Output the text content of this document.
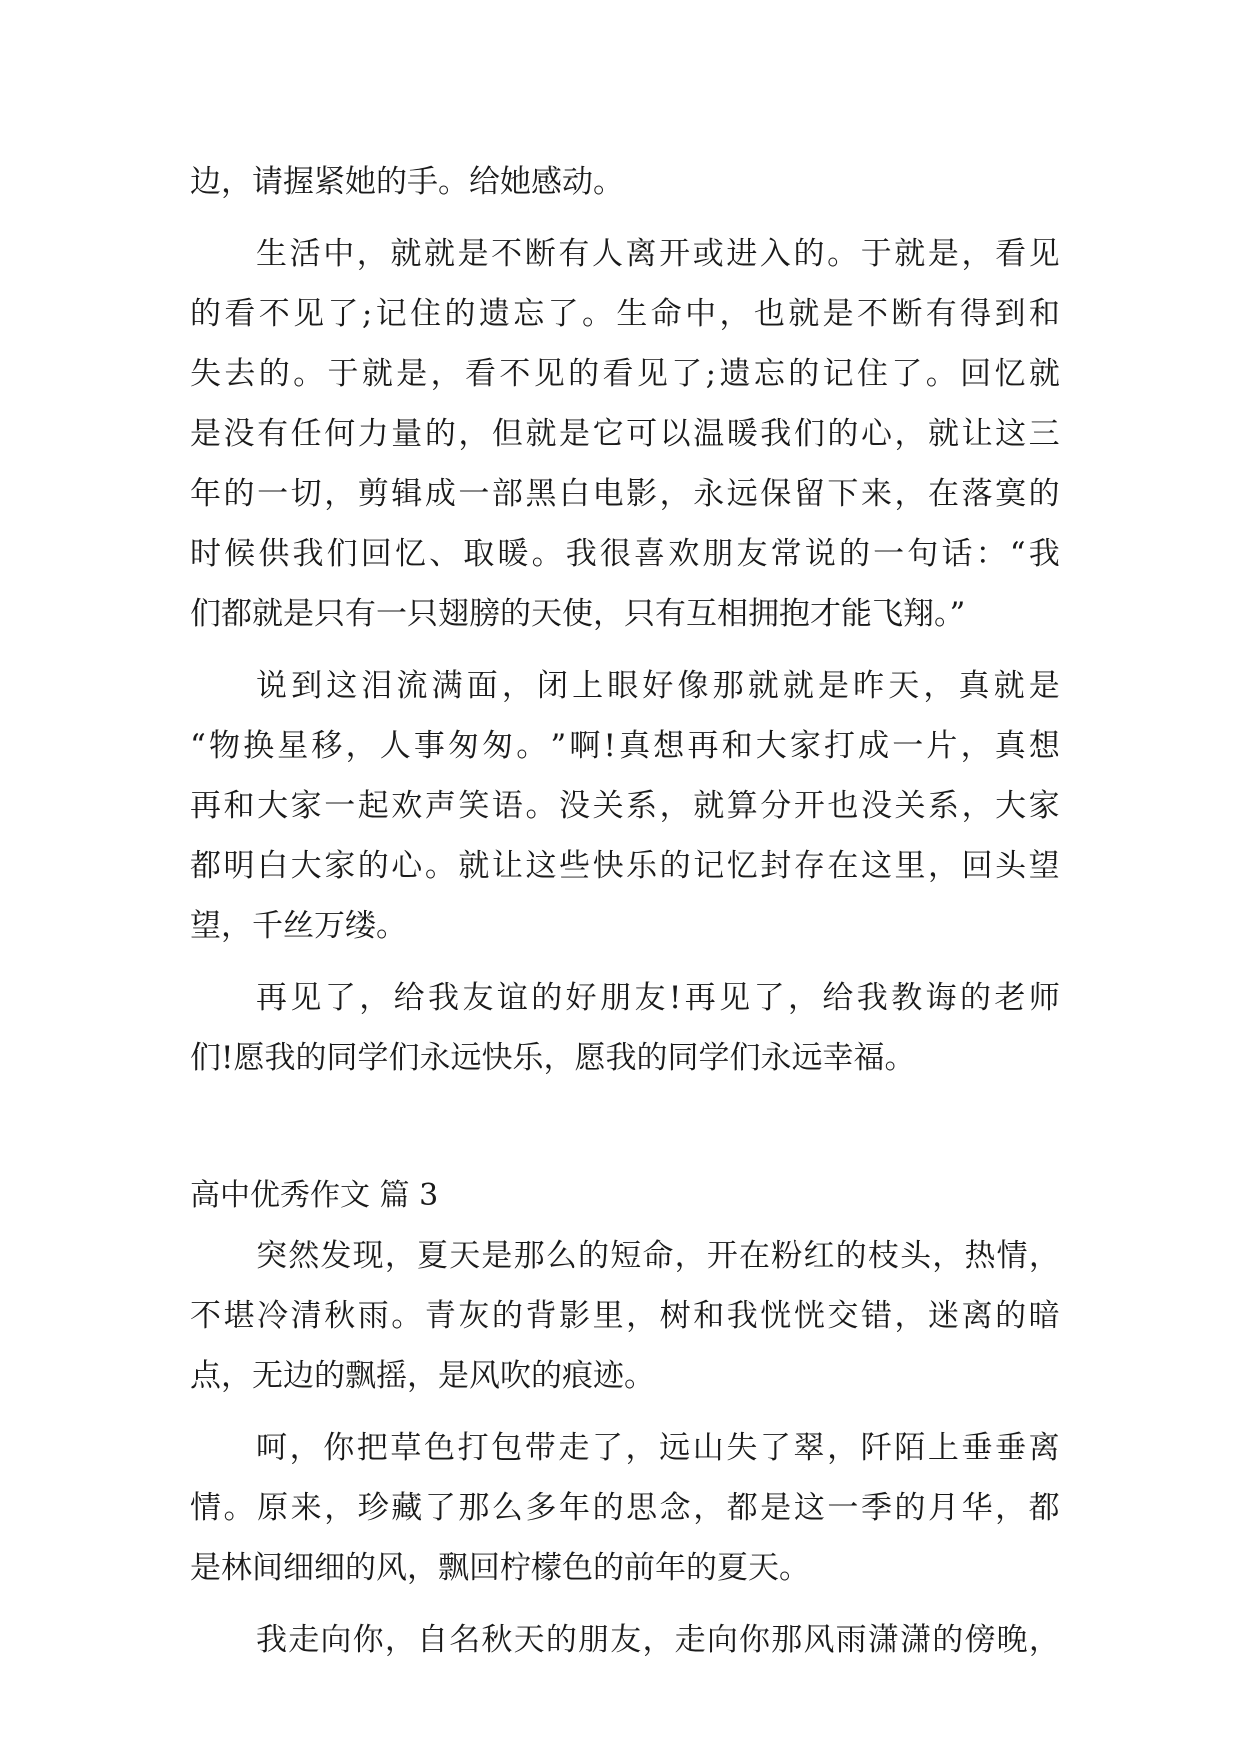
边，请握紧她的手。给她感动。
生 活 中 ， 就 就 是 不 断 有 人 离 开 或 进 入 的 。 于 就 是 ， 看 见
的 看 不 见 了 ; 记 住 的 遗 忘 了 。 生 命 中 ， 也 就 是 不 断 有 得 到 和
失 去 的 。 于 就 是 ， 看 不 见 的 看 见 了 ; 遗 忘 的 记 住 了 。 回 忆 就
是 没 有 任 何 力 量 的 ， 但 就 是 它 可 以 温 暖 我 们 的 心 ， 就 让 这 三
年 的 一 切 ， 剪 辑 成 一 部 黑 白 电 影 ， 永 远 保 留 下 来 ， 在 落 寞 的
时 候 供 我 们 回 忆 、 取 暖 。 我 很 喜 欢 朋 友 常 说 的 一 句 话 ： “ 我
们都就是只有一只翅膀的天使，只有互相拥抱才能飞翔。”
说 到 这 泪 流 满 面 ， 闭 上 眼 好 像 那 就 就 是 昨 天 ， 真 就 是
“ 物 换 星 移 ， 人 事 匆 匆 。 ” 啊 ! 真 想 再 和 大 家 打 成 一 片 ， 真 想
再 和 大 家 一 起 欢 声 笑 语 。 没 关 系 ， 就 算 分 开 也 没 关 系 ， 大 家
都 明 白 大 家 的 心 。 就 让 这 些 快 乐 的 记 忆 封 存 在 这 里 ， 回 头 望
望，千丝万缕。
再 见 了 ， 给 我 友 谊 的 好 朋 友 ! 再 见 了 ， 给 我 教 诲 的 老 师
们!愿我的同学们永远快乐，愿我的同学们永远幸福。
高中优秀作文 篇 3
突 然 发 现 ， 夏 天 是 那 么 的 短 命 ， 开 在 粉 红 的 枝 头 ， 热 情 ，
不 堪 冷 清 秋 雨 。 青 灰 的 背 影 里 ， 树 和 我 恍 恍 交 错 ， 迷 离 的 暗
点，无边的飘摇，是风吹的痕迹。
呵 ， 你 把 草 色 打 包 带 走 了 ， 远 山 失 了 翠 ， 阡 陌 上 垂 垂 离
情 。 原 来 ， 珍 藏 了 那 么 多 年 的 思 念 ， 都 是 这 一 季 的 月 华 ， 都
是林间细细的风，飘回柠檬色的前年的夏天。
我 走 向 你 ， 自 名 秋 天 的 朋 友 ， 走 向 你 那 风 雨 潇 潇 的 傍 晚 ，
